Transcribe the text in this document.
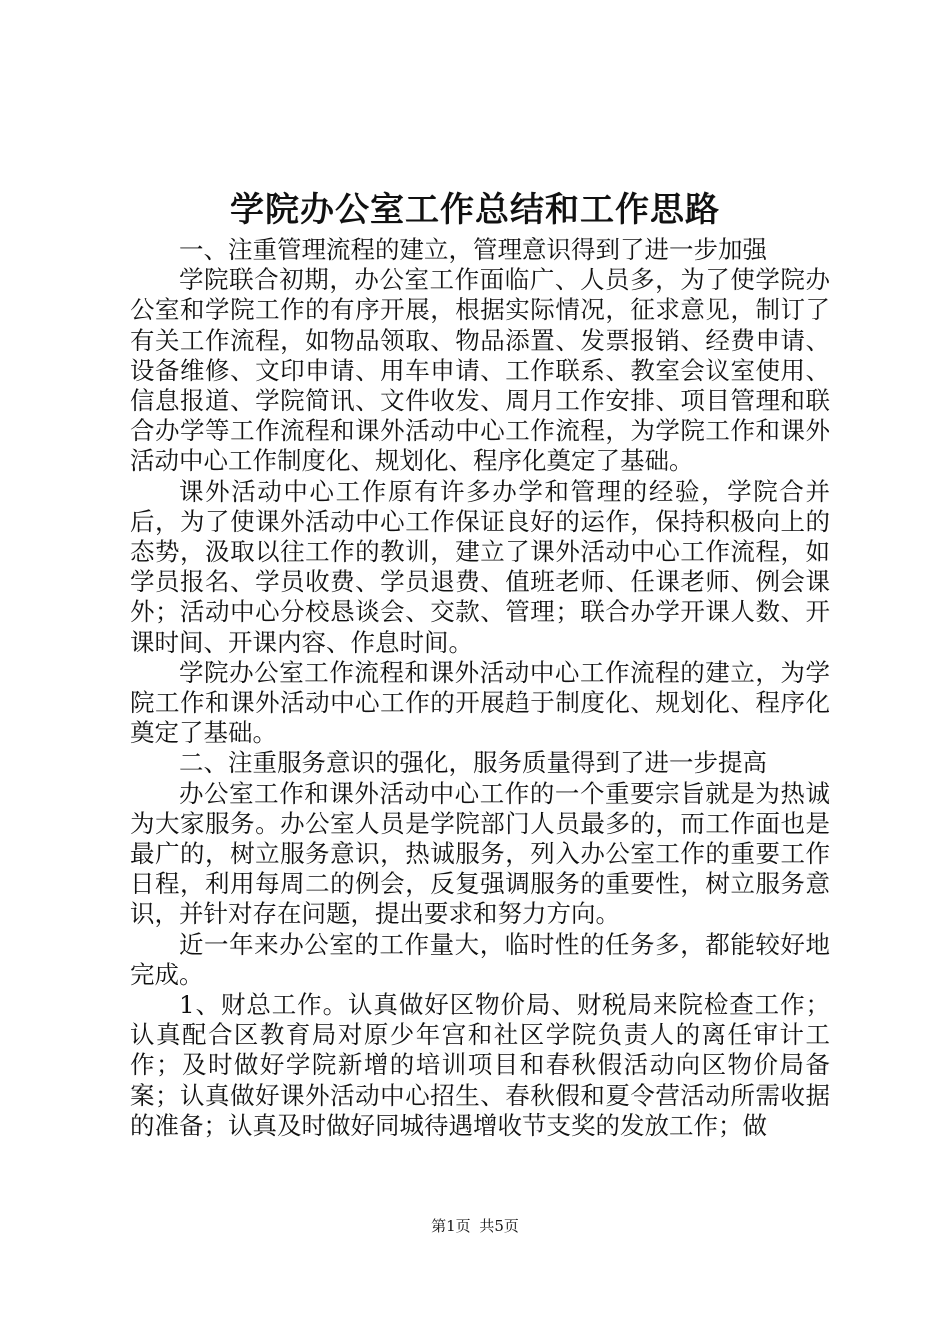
学院办公室工作总结和工作思路

一、注重管理流程的建立，管理意识得到了进一步加强

学院联合初期，办公室工作面临广、人员多，为了使学院办公室和学院工作的有序开展，根据实际情况，征求意见，制订了有关工作流程，如物品领取、物品添置、发票报销、经费申请、设备维修、文印申请、用车申请、工作联系、教室会议室使用、信息报道、学院简讯、文件收发、周月工作安排、项目管理和联合办学等工作流程和课外活动中心工作流程，为学院工作和课外活动中心工作制度化、规划化、程序化奠定了基础。

课外活动中心工作原有许多办学和管理的经验，学院合并后，为了使课外活动中心工作保证良好的运作，保持积极向上的态势，汲取以往工作的教训，建立了课外活动中心工作流程，如学员报名、学员收费、学员退费、值班老师、任课老师、例会课外；活动中心分校恳谈会、交款、管理；联合办学开课人数、开课时间、开课内容、作息时间。

学院办公室工作流程和课外活动中心工作流程的建立，为学院工作和课外活动中心工作的开展趋于制度化、规划化、程序化奠定了基础。

二、注重服务意识的强化，服务质量得到了进一步提高

办公室工作和课外活动中心工作的一个重要宗旨就是为热诚为大家服务。办公室人员是学院部门人员最多的，而工作面也是最广的，树立服务意识，热诚服务，列入办公室工作的重要工作日程，利用每周二的例会，反复强调服务的重要性，树立服务意识，并针对存在问题，提出要求和努力方向。

近一年来办公室的工作量大，临时性的任务多，都能较好地完成。

1、财总工作。认真做好区物价局、财税局来院检查工作；认真配合区教育局对原少年宫和社区学院负责人的离任审计工作；及时做好学院新增的培训项目和春秋假活动向区物价局备案；认真做好课外活动中心招生、春秋假和夏令营活动所需收据的准备；认真及时做好同城待遇增收节支奖的发放工作；做

第1页 共5页
